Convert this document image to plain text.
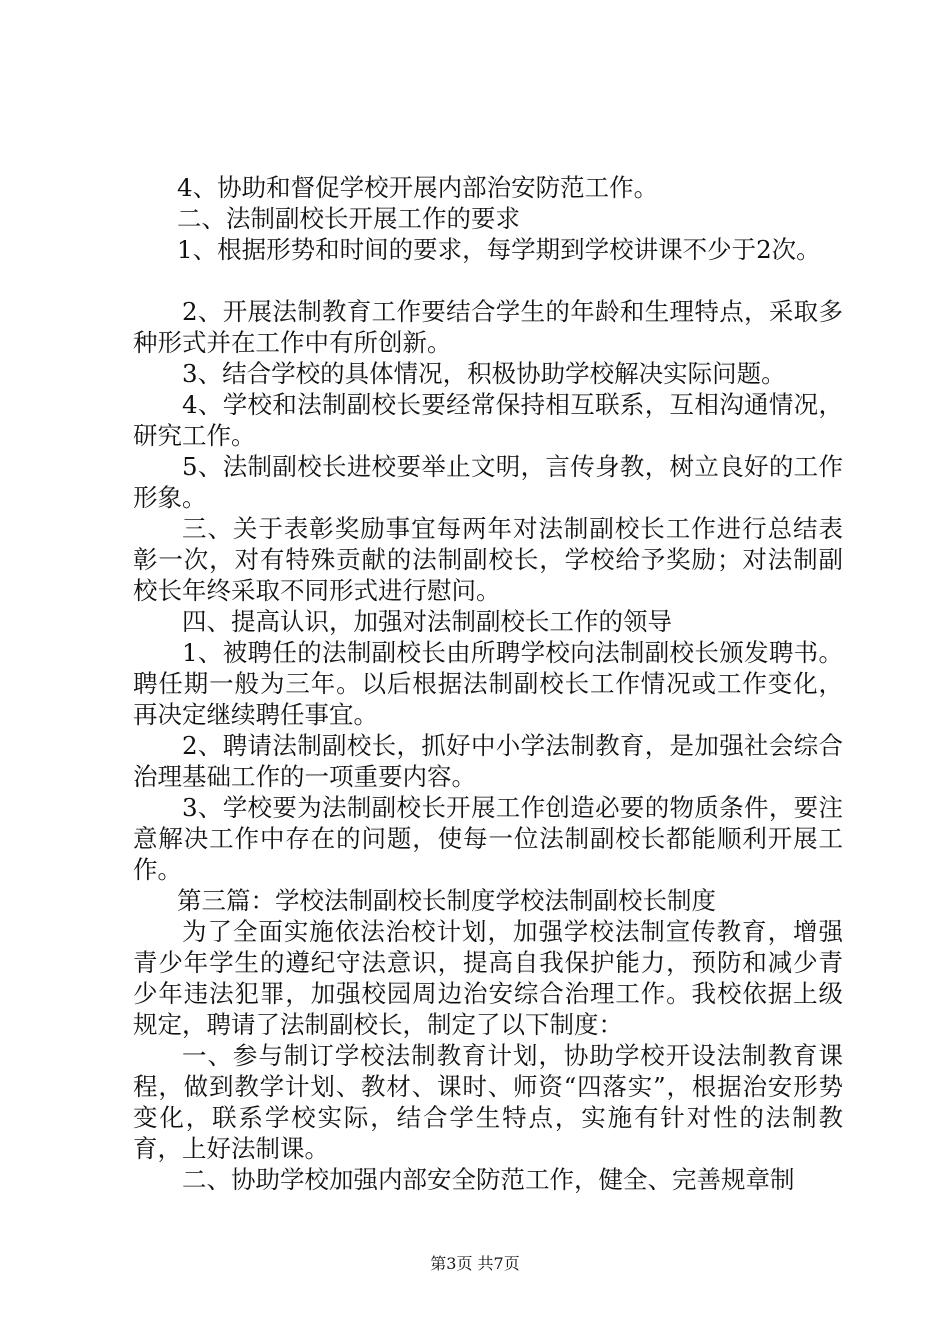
4、协助和督促学校开展内部治安防范工作。

二、法制副校长开展工作的要求

1、根据形势和时间的要求，每学期到学校讲课不少于2次。

2、开展法制教育工作要结合学生的年龄和生理特点，采取多种形式并在工作中有所创新。

3、结合学校的具体情况，积极协助学校解决实际问题。

4、学校和法制副校长要经常保持相互联系，互相沟通情况，研究工作。

5、法制副校长进校要举止文明，言传身教，树立良好的工作形象。

三、关于表彰奖励事宜每两年对法制副校长工作进行总结表彰一次，对有特殊贡献的法制副校长，学校给予奖励；对法制副校长年终采取不同形式进行慰问。

四、提高认识，加强对法制副校长工作的领导

1、被聘任的法制副校长由所聘学校向法制副校长颁发聘书。聘任期一般为三年。以后根据法制副校长工作情况或工作变化，再决定继续聘任事宜。

2、聘请法制副校长，抓好中小学法制教育，是加强社会综合治理基础工作的一项重要内容。

3、学校要为法制副校长开展工作创造必要的物质条件，要注意解决工作中存在的问题，使每一位法制副校长都能顺利开展工作。

第三篇：学校法制副校长制度学校法制副校长制度

为了全面实施依法治校计划，加强学校法制宣传教育，增强青少年学生的遵纪守法意识，提高自我保护能力，预防和减少青少年违法犯罪，加强校园周边治安综合治理工作。我校依据上级规定，聘请了法制副校长，制定了以下制度：

一、参与制订学校法制教育计划，协助学校开设法制教育课程，做到教学计划、教材、课时、师资“四落实”，根据治安形势变化，联系学校实际，结合学生特点，实施有针对性的法制教育，上好法制课。

二、协助学校加强内部安全防范工作，健全、完善规章制

第3页 共7页
